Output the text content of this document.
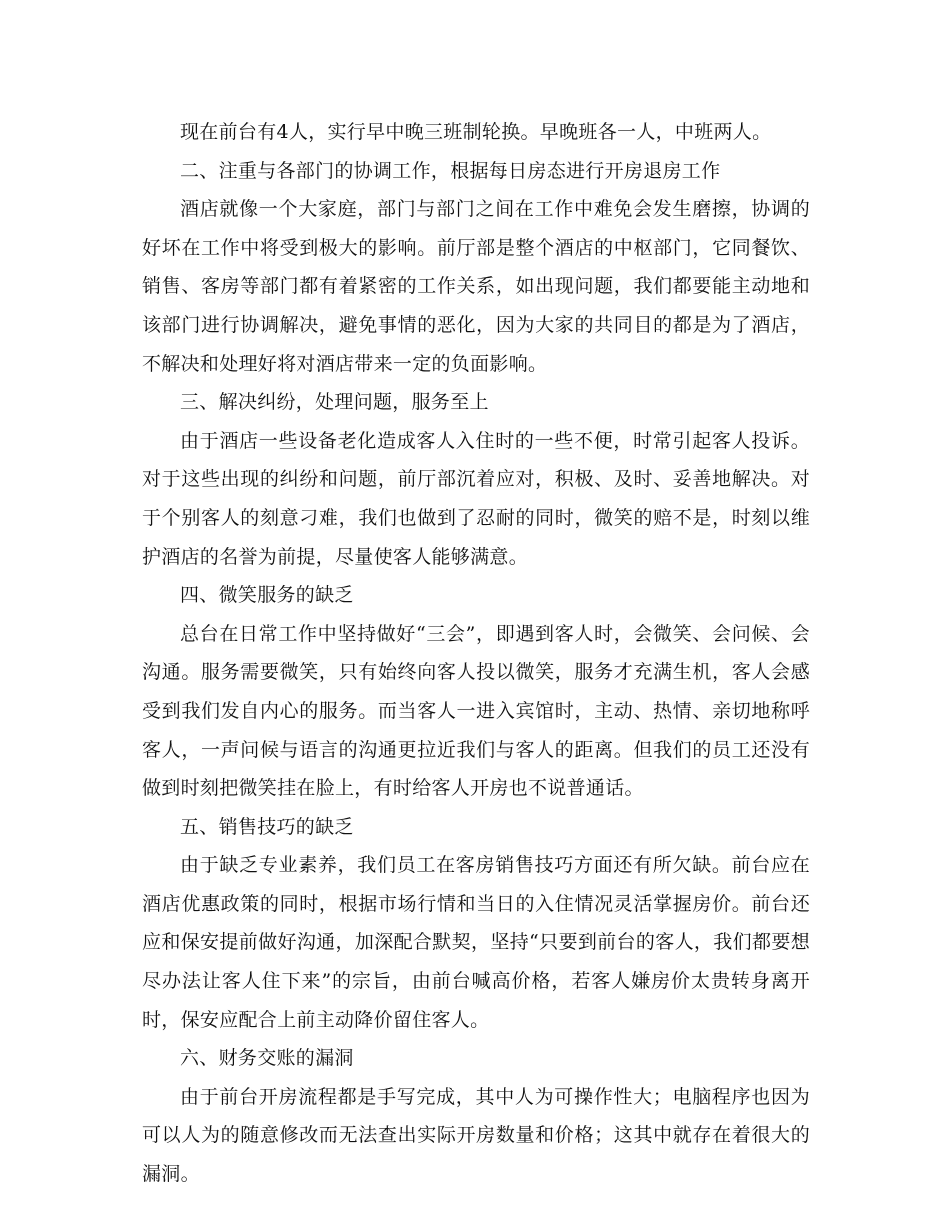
现在前台有4人，实行早中晚三班制轮换。早晚班各一人，中班两人。

二、注重与各部门的协调工作，根据每日房态进行开房退房工作

酒店就像一个大家庭，部门与部门之间在工作中难免会发生磨擦，协调的好坏在工作中将受到极大的影响。前厅部是整个酒店的中枢部门，它同餐饮、销售、客房等部门都有着紧密的工作关系，如出现问题，我们都要能主动地和该部门进行协调解决，避免事情的恶化，因为大家的共同目的都是为了酒店，不解决和处理好将对酒店带来一定的负面影响。

三、解决纠纷，处理问题，服务至上

由于酒店一些设备老化造成客人入住时的一些不便，时常引起客人投诉。对于这些出现的纠纷和问题，前厅部沉着应对，积极、及时、妥善地解决。对于个别客人的刻意刁难，我们也做到了忍耐的同时，微笑的赔不是，时刻以维护酒店的名誉为前提，尽量使客人能够满意。

四、微笑服务的缺乏

总台在日常工作中坚持做好“三会”，即遇到客人时，会微笑、会问候、会沟通。服务需要微笑，只有始终向客人投以微笑，服务才充满生机，客人会感受到我们发自内心的服务。而当客人一进入宾馆时，主动、热情、亲切地称呼客人，一声问候与语言的沟通更拉近我们与客人的距离。但我们的员工还没有做到时刻把微笑挂在脸上，有时给客人开房也不说普通话。

五、销售技巧的缺乏

由于缺乏专业素养，我们员工在客房销售技巧方面还有所欠缺。前台应在酒店优惠政策的同时，根据市场行情和当日的入住情况灵活掌握房价。前台还应和保安提前做好沟通，加深配合默契，坚持“只要到前台的客人，我们都要想尽办法让客人住下来”的宗旨，由前台喊高价格，若客人嫌房价太贵转身离开时，保安应配合上前主动降价留住客人。

六、财务交账的漏洞

由于前台开房流程都是手写完成，其中人为可操作性大；电脑程序也因为可以人为的随意修改而无法查出实际开房数量和价格；这其中就存在着很大的漏洞。
